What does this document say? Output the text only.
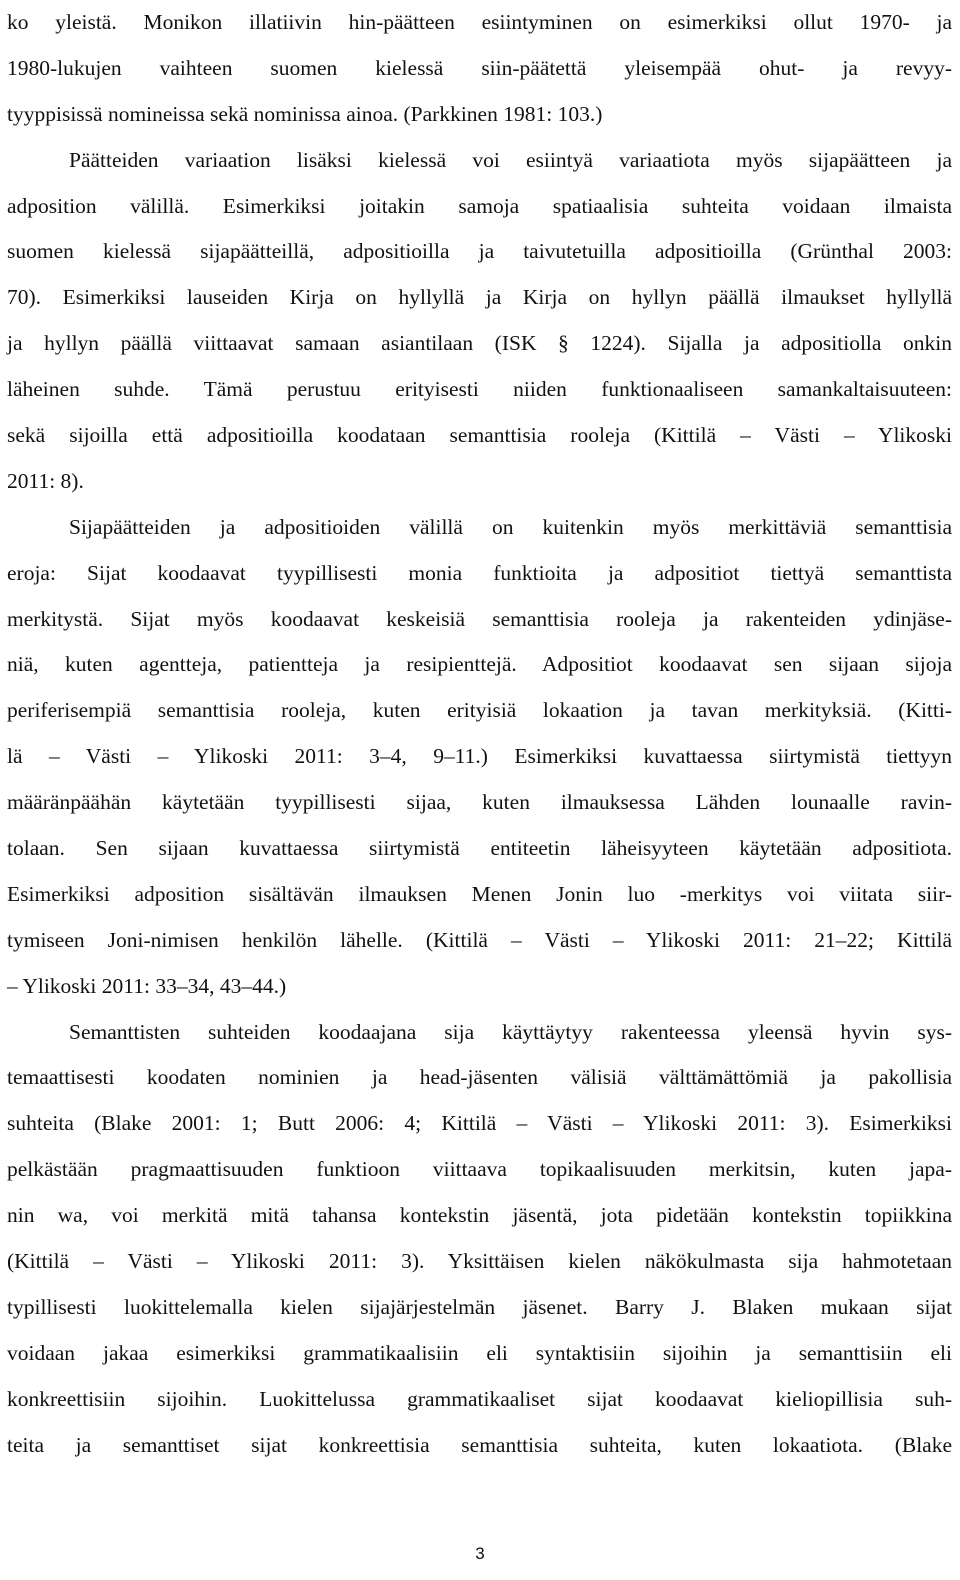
ko yleistä. Monikon illatiivin hin-päätteen esiintyminen on esimerkiksi ollut 1970- ja
1980-lukujen vaihteen suomen kielessä siin-päätettä yleisempää ohut- ja revyy-
tyyppisissä nomineissa sekä nominissa ainoa. (Parkkinen 1981: 103.)
Päätteiden variaation lisäksi kielessä voi esiintyä variaatiota myös sijapäätteen ja
adposition välillä. Esimerkiksi joitakin samoja spatiaalisia suhteita voidaan ilmaista
suomen kielessä sijapäätteillä, adpositioilla ja taivutetuilla adpositioilla (Grünthal 2003:
70). Esimerkiksi lauseiden Kirja on hyllyllä ja Kirja on hyllyn päällä ilmaukset hyllyllä
ja hyllyn päällä viittaavat samaan asiantilaan (ISK § 1224). Sijalla ja adpositiolla onkin
läheinen suhde. Tämä perustuu erityisesti niiden funktionaaliseen samankaltaisuuteen:
sekä sijoilla että adpositioilla koodataan semanttisia rooleja (Kittilä – Västi – Ylikoski
2011: 8).
Sijapäätteiden ja adpositioiden välillä on kuitenkin myös merkittäviä semanttisia
eroja: Sijat koodaavat tyypillisesti monia funktioita ja adpositiot tiettyä semanttista
merkitystä. Sijat myös koodaavat keskeisiä semanttisia rooleja ja rakenteiden ydinjäse-
niä, kuten agentteja, patientteja ja resipienttejä. Adpositiot koodaavat sen sijaan sijoja
periferisempiä semanttisia rooleja, kuten erityisiä lokaation ja tavan merkityksiä. (Kitti-
lä – Västi – Ylikoski 2011: 3–4, 9–11.) Esimerkiksi kuvattaessa siirtymistä tiettyyn
määränpäähän käytetään tyypillisesti sijaa, kuten ilmauksessa Lähden lounaalle ravin-
tolaan. Sen sijaan kuvattaessa siirtymistä entiteetin läheisyyteen käytetään adpositiota.
Esimerkiksi adposition sisältävän ilmauksen Menen Jonin luo -merkitys voi viitata siir-
tymiseen Joni-nimisen henkilön lähelle. (Kittilä – Västi – Ylikoski 2011: 21–22; Kittilä
– Ylikoski 2011: 33–34, 43–44.)
Semanttisten suhteiden koodaajana sija käyttäytyy rakenteessa yleensä hyvin sys-
temaattisesti koodaten nominien ja head-jäsenten välisiä välttämättömiä ja pakollisia
suhteita (Blake 2001: 1; Butt 2006: 4; Kittilä – Västi – Ylikoski 2011: 3). Esimerkiksi
pelkästään pragmaattisuuden funktioon viittaava topikaalisuuden merkitsin, kuten japa-
nin wa, voi merkitä mitä tahansa kontekstin jäsentä, jota pidetään kontekstin topiikkina
(Kittilä – Västi – Ylikoski 2011: 3). Yksittäisen kielen näkökulmasta sija hahmotetaan
typillisesti luokittelemalla kielen sijajärjestelmän jäsenet. Barry J. Blaken mukaan sijat
voidaan jakaa esimerkiksi grammatikaalisiin eli syntaktisiin sijoihin ja semanttisiin eli
konkreettisiin sijoihin. Luokittelussa grammatikaaliset sijat koodaavat kieliopillisia suh-
teita ja semanttiset sijat konkreettisia semanttisia suhteita, kuten lokaatiota. (Blake
3
